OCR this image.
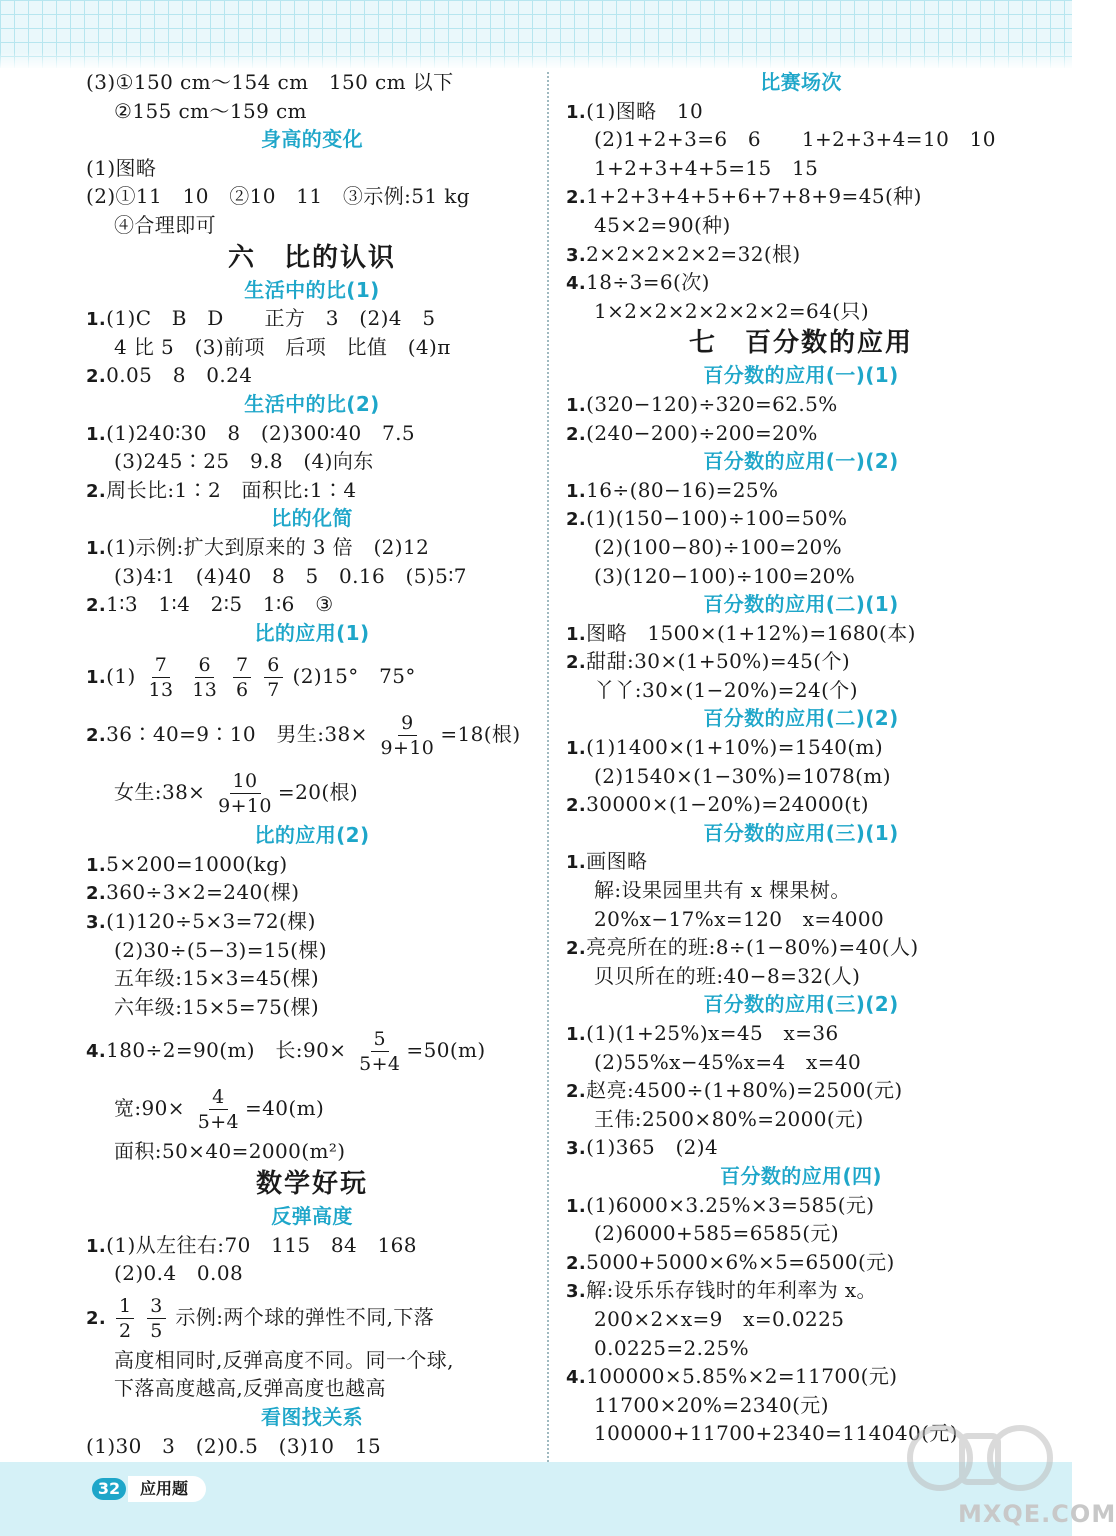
(3)①150 cm～154 cm　150 cm 以下
②155 cm～159 cm
身高的变化
(1)图略
(2)①11　10　②10　11　③示例:51 kg
④合理即可
六　比的认识
生活中的比(1)
1.(1)C　B　D　　正方　3　(2)4　5
4 比 5　(3)前项　后项　比值　(4)π
2.0.05　8　0.24
生活中的比(2)
1.(1)240∶30　8　(2)300∶40　7.5
(3)245∶25　9.8　(4)向东
2.周长比:1∶2　面积比:1∶4
比的化简
1.(1)示例:扩大到原来的 3 倍　(2)12
(3)4∶1　(4)40　8　5　0.16　(5)5∶7
2.1∶3　1∶4　2∶5　1∶6　③
比的应用(1)
$1.(1) \frac{7}{13}$
$\frac{6}{13}$
$\frac{7}{6}$
$\frac{6}{7} (2)15^\circ$　75°
2.36∶40=9∶10　男生:38× $\frac{9}{9+10} =18$(根)
女生:38× $\frac{10}{9+10} =20$(根)
比的应用(2)
1.5×200=1000(kg)
2.360÷3×2=240(棵)
3.(1)120÷5×3=72(棵)
(2)30÷(5−3)=15(棵)
五年级:15×3=45(棵)
六年级:15×5=75(棵)
4.180÷2=90(m)　长:90× $\frac{5}{5+4} =50(m)$
宽:90× $\frac{4}{5+4} =40(m)$
面积:50×40=2000(m²)
数学好玩
反弹高度
1.(1)从左往右:70　115　84　168
(2)0.4　0.08
2. $\frac{1}{2}$
$\frac{3}{5}$ 示例:两个球的弹性不同,下落
高度相同时,反弹高度不同。同一个球,
下落高度越高,反弹高度也越高
看图找关系
(1)30　3　(2)0.5　(3)10　15
比赛场次
1.(1)图略　10
(2)1+2+3=6　6　　1+2+3+4=10　10
1+2+3+4+5=15　15
2.1+2+3+4+5+6+7+8+9=45(种)
45×2=90(种)
3.2×2×2×2×2=32(根)
4.18÷3=6(次)
1×2×2×2×2×2×2=64(只)
七　百分数的应用
百分数的应用(一)(1)
1.(320−120)÷320=62.5%
2.(240−200)÷200=20%
百分数的应用(一)(2)
1.16÷(80−16)=25%
2.(1)(150−100)÷100=50%
(2)(100−80)÷100=20%
(3)(120−100)÷100=20%
百分数的应用(二)(1)
1.图略　1500×(1+12%)=1680(本)
2.甜甜:30×(1+50%)=45(个)
丫丫:30×(1−20%)=24(个)
百分数的应用(二)(2)
1.(1)1400×(1+10%)=1540(m)
(2)1540×(1−30%)=1078(m)
2.30000×(1−20%)=24000(t)
百分数的应用(三)(1)
1.画图略
解:设果园里共有 x 棵果树。
20%x−17%x=120　x=4000
2.亮亮所在的班:8÷(1−80%)=40(人)
贝贝所在的班:40−8=32(人)
百分数的应用(三)(2)
1.(1)(1+25%)x=45　x=36
(2)55%x−45%x=4　x=40
2.赵亮:4500÷(1+80%)=2500(元)
王伟:2500×80%=2000(元)
3.(1)365　(2)4
百分数的应用(四)
1.(1)6000×3.25%×3=585(元)
(2)6000+585=6585(元)
2.5000+5000×6%×5=6500(元)
3.解:设乐乐存钱时的年利率为 x。
200×2×x=9　x=0.0225
0.0225=2.25%
4.100000×5.85%×2=11700(元)
11700×20%=2340(元)
100000+11700+2340=114040(元)
32	应用题
MXQE.COM
